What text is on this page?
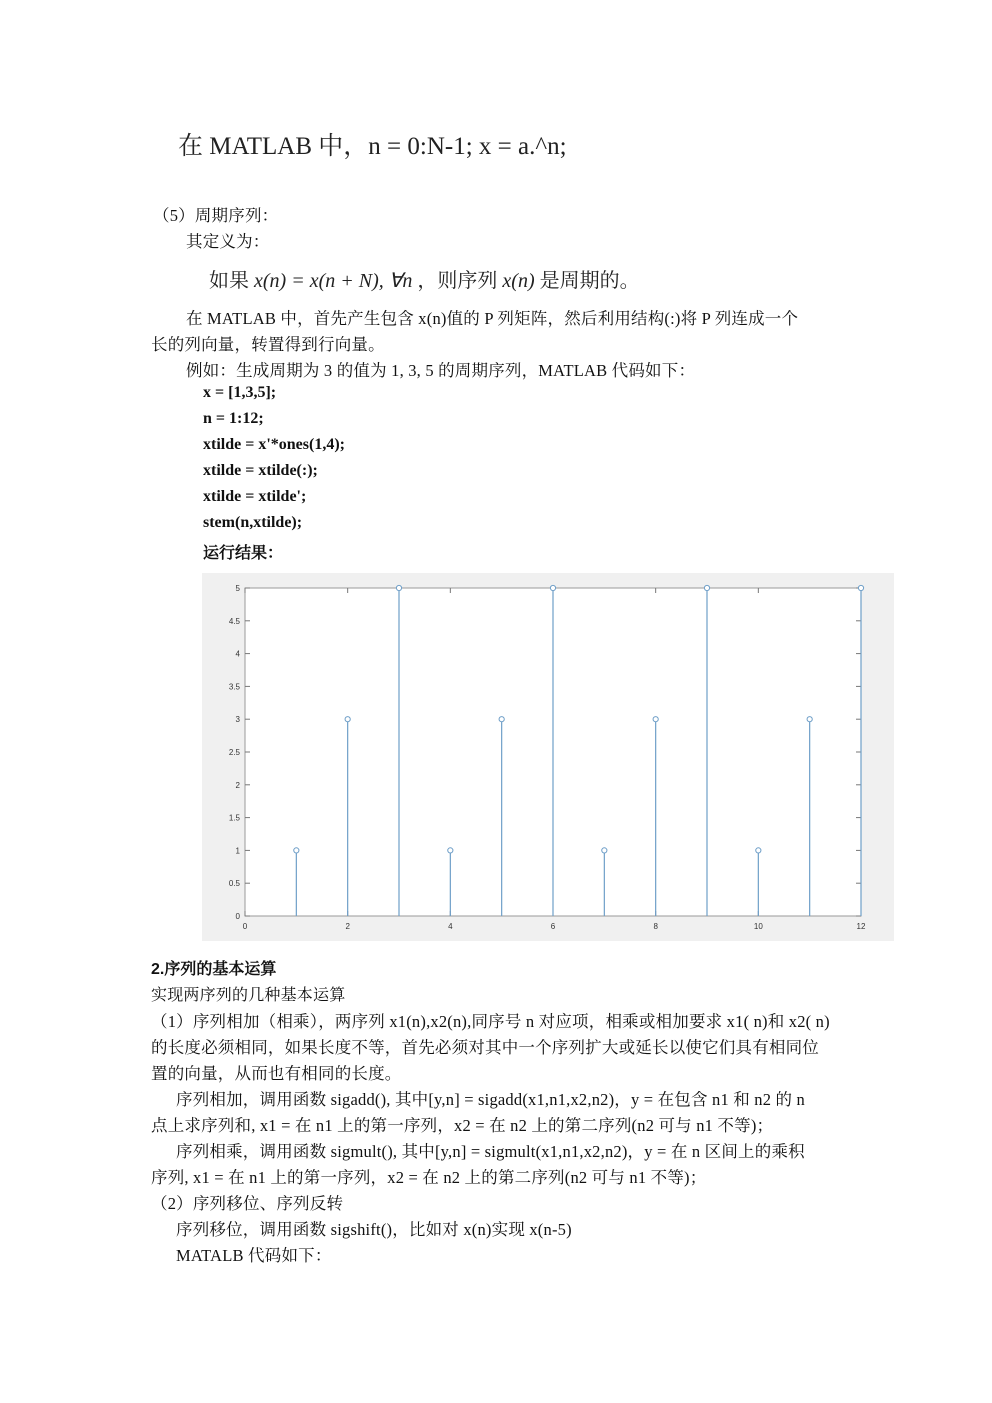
在 MATLAB 中，n = 0:N-1; x = a.^n;
（5）周期序列：
其定义为：
如果 x(n) = x(n + N), ∀n ，则序列 x(n) 是周期的。
在 MATLAB 中，首先产生包含 x(n)值的 P 列矩阵，然后利用结构(:)将 P 列连成一个
长的列向量，转置得到行向量。
例如：生成周期为 3 的值为 1, 3, 5 的周期序列，MATLAB 代码如下：
x = [1,3,5];
n = 1:12;
xtilde = x'*ones(1,4);
xtilde = xtilde(:);
xtilde = xtilde';
stem(n,xtilde);
运行结果：
0
0.5
1
1.5
2
2.5
3
3.5
4
4.5
5
0	2	4	6	8	10	12
2.序列的基本运算
实现两序列的几种基本运算
（1）序列相加（相乘），两序列 x1(n),x2(n),同序号 n 对应项，相乘或相加要求 x1( n)和 x2( n)
的长度必须相同，如果长度不等，首先必须对其中一个序列扩大或延长以使它们具有相同位
置的向量，从而也有相同的长度。
序列相加，调用函数 sigadd(), 其中[y,n] = sigadd(x1,n1,x2,n2)，y = 在包含 n1 和 n2 的 n
点上求序列和, x1 = 在 n1 上的第一序列，x2 = 在 n2 上的第二序列(n2 可与 n1 不等)；
序列相乘，调用函数 sigmult(), 其中[y,n] = sigmult(x1,n1,x2,n2)，y = 在 n 区间上的乘积
序列, x1 = 在 n1 上的第一序列，x2 = 在 n2 上的第二序列(n2 可与 n1 不等)；
（2）序列移位、序列反转
序列移位，调用函数 sigshift()，比如对 x(n)实现 x(n-5)
MATALB 代码如下：
